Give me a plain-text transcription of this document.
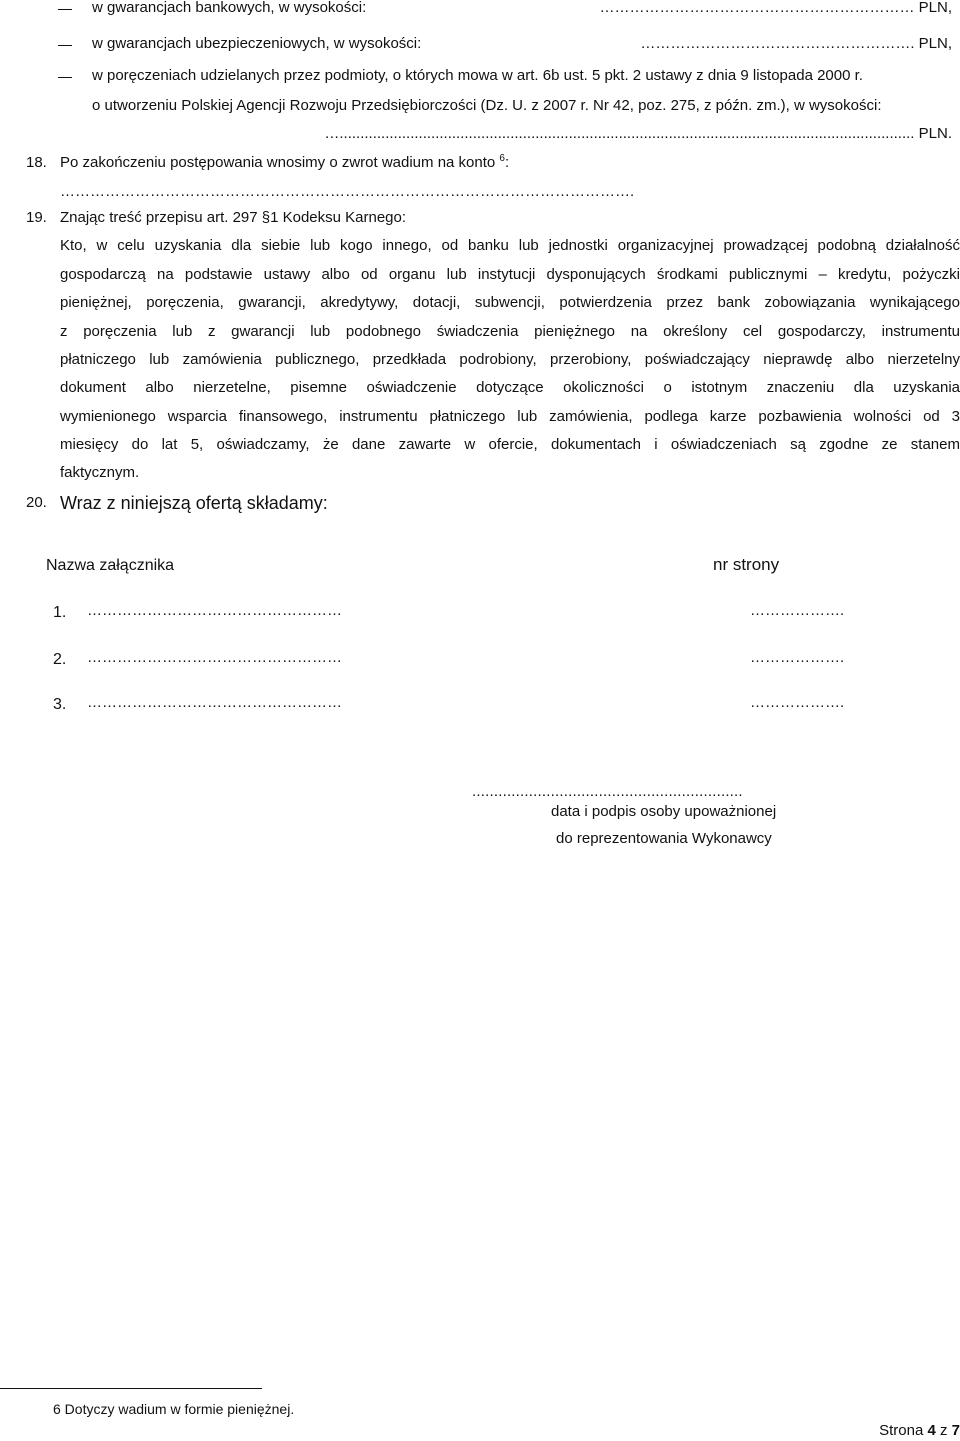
w gwarancjach bankowych, w wysokości:	……………………………………………………… PLN,
w gwarancjach ubezpieczeniowych, w wysokości:	………………………………………………. PLN,
w poręczeniach udzielanych przez podmioty, o których mowa w art. 6b ust. 5 pkt. 2 ustawy z dnia 9 listopada 2000 r.
o utworzeniu Polskiej Agencji Rozwoju Przedsiębiorczości (Dz. U. z 2007 r. Nr 42, poz. 275, z późn. zm.), w wysokości:
….......................................................................................................................................... PLN.
18. Po zakończeniu postępowania wnosimy o zwrot wadium na konto $^6$:
…………………………………………………………………………………………………….
19. Znając treść przepisu art. 297 §1 Kodeksu Karnego:
Kto, w celu uzyskania dla siebie lub kogo innego, od banku lub jednostki organizacyjnej prowadzącej podobną działalność
gospodarczą na podstawie ustawy albo od organu lub instytucji dysponujących środkami publicznymi – kredytu, pożyczki
pieniężnej, poręczenia, gwarancji, akredytywy, dotacji, subwencji, potwierdzenia przez bank zobowiązania wynikającego
z poręczenia lub z gwarancji lub podobnego świadczenia pieniężnego na określony cel gospodarczy, instrumentu
płatniczego lub zamówienia publicznego, przedkłada podrobiony, przerobiony, poświadczający nieprawdę albo nierzetelny
dokument albo nierzetelne, pisemne oświadczenie dotyczące okoliczności o istotnym znaczeniu dla uzyskania
wymienionego wsparcia finansowego, instrumentu płatniczego lub zamówienia, podlega karze pozbawienia wolności od 3
miesięcy do lat 5, oświadczamy, że dane zawarte w ofercie, dokumentach i oświadczeniach są zgodne ze stanem
faktycznym.
20. Wraz z niniejszą ofertą składamy:
Nazwa załącznika	nr strony
1. ……………………………………………	……………….
2. ……………………………………………	……………….
3. ……………………………………………	……………….
..............................................................
data i podpis osoby upoważnionej
do reprezentowania Wykonawcy
6 Dotyczy wadium w formie pieniężnej.
Strona 4 z 7
